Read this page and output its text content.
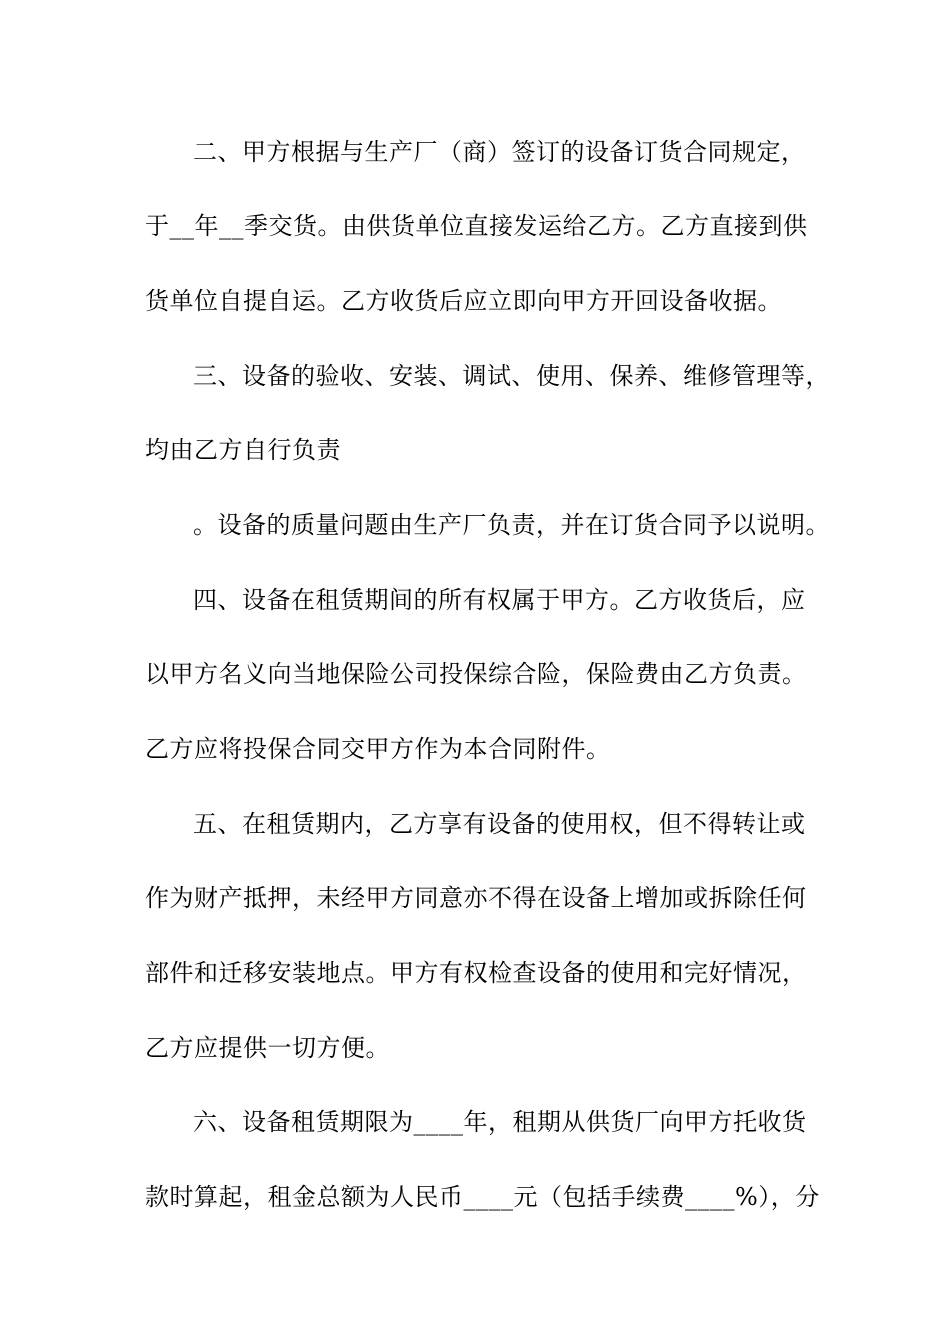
二、甲方根据与生产厂（商）签订的设备订货合同规定，
于__年__季交货。由供货单位直接发运给乙方。乙方直接到供
货单位自提自运。乙方收货后应立即向甲方开回设备收据。
三、设备的验收、安装、调试、使用、保养、维修管理等，
均由乙方自行负责
。设备的质量问题由生产厂负责，并在订货合同予以说明。
四、设备在租赁期间的所有权属于甲方。乙方收货后，应
以甲方名义向当地保险公司投保综合险，保险费由乙方负责。
乙方应将投保合同交甲方作为本合同附件。
五、在租赁期内，乙方享有设备的使用权，但不得转让或
作为财产抵押，未经甲方同意亦不得在设备上增加或拆除任何
部件和迁移安装地点。甲方有权检查设备的使用和完好情况，
乙方应提供一切方便。
六、设备租赁期限为____年，租期从供货厂向甲方托收货
款时算起，租金总额为人民币____元（包括手续费____%），分
